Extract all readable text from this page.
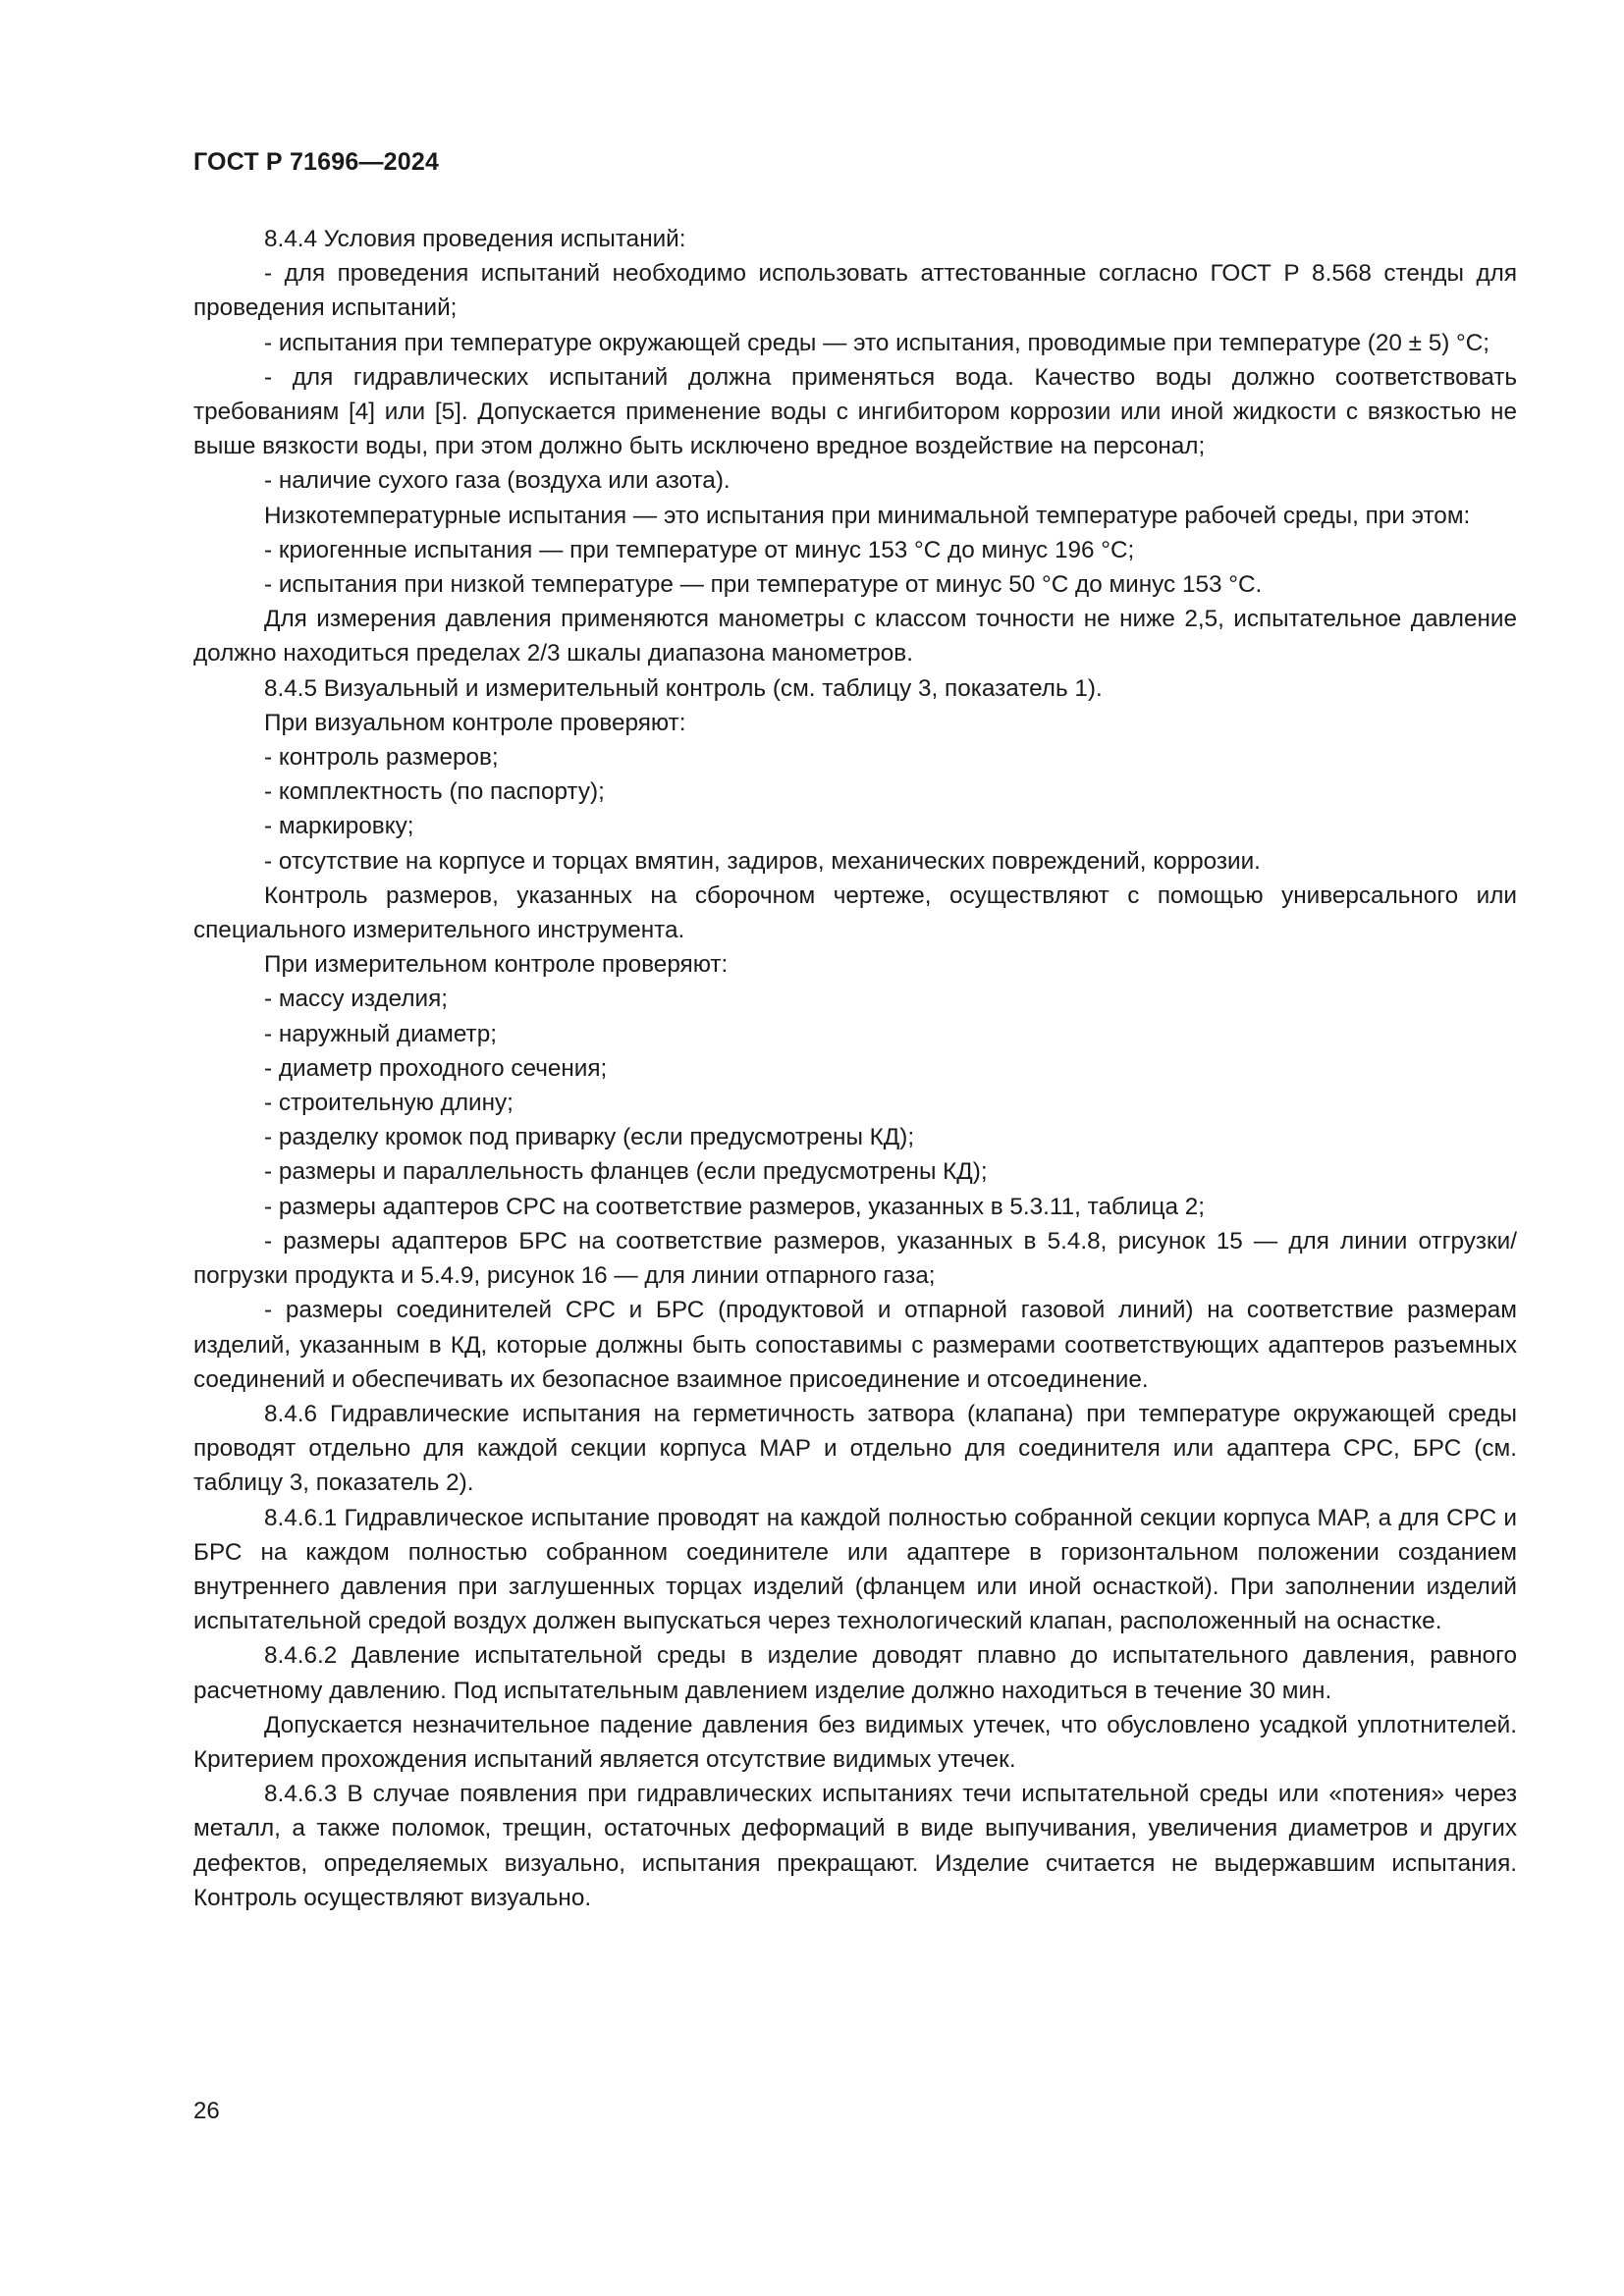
ГОСТ Р 71696—2024

8.4.4 Условия проведения испытаний:

- для проведения испытаний необходимо использовать аттестованные согласно ГОСТ Р 8.568 стенды для проведения испытаний;

- испытания при температуре окружающей среды — это испытания, проводимые при температуре (20 ± 5) °С;

- для гидравлических испытаний должна применяться вода. Качество воды должно соответствовать требованиям [4] или [5]. Допускается применение воды с ингибитором коррозии или иной жидкости с вязкостью не выше вязкости воды, при этом должно быть исключено вредное воздействие на персонал;

- наличие сухого газа (воздуха или азота).

Низкотемпературные испытания — это испытания при минимальной температуре рабочей среды, при этом:

- криогенные испытания — при температуре от минус 153 °С до минус 196 °С;

- испытания при низкой температуре — при температуре от минус 50 °С до минус 153 °С.

Для измерения давления применяются манометры с классом точности не ниже 2,5, испытательное давление должно находиться пределах 2/3 шкалы диапазона манометров.

8.4.5 Визуальный и измерительный контроль (см. таблицу 3, показатель 1).

При визуальном контроле проверяют:

- контроль размеров;

- комплектность (по паспорту);

- маркировку;

- отсутствие на корпусе и торцах вмятин, задиров, механических повреждений, коррозии.

Контроль размеров, указанных на сборочном чертеже, осуществляют с помощью универсального или специального измерительного инструмента.

При измерительном контроле проверяют:

- массу изделия;

- наружный диаметр;

- диаметр проходного сечения;

- строительную длину;

- разделку кромок под приварку (если предусмотрены КД);

- размеры и параллельность фланцев (если предусмотрены КД);

- размеры адаптеров СРС на соответствие размеров, указанных в 5.3.11, таблица 2;

- размеры адаптеров БРС на соответствие размеров, указанных в 5.4.8, рисунок 15 — для линии отгрузки/погрузки продукта и 5.4.9, рисунок 16 — для линии отпарного газа;

- размеры соединителей СРС и БРС (продуктовой и отпарной газовой линий) на соответствие размерам изделий, указанным в КД, которые должны быть сопоставимы с размерами соответствующих адаптеров разъемных соединений и обеспечивать их безопасное взаимное присоединение и отсоединение.

8.4.6 Гидравлические испытания на герметичность затвора (клапана) при температуре окружающей среды проводят отдельно для каждой секции корпуса МАР и отдельно для соединителя или адаптера СРС, БРС (см. таблицу 3, показатель 2).

8.4.6.1 Гидравлическое испытание проводят на каждой полностью собранной секции корпуса МАР, а для СРС и БРС на каждом полностью собранном соединителе или адаптере в горизонтальном положении созданием внутреннего давления при заглушенных торцах изделий (фланцем или иной оснасткой). При заполнении изделий испытательной средой воздух должен выпускаться через технологический клапан, расположенный на оснастке.

8.4.6.2 Давление испытательной среды в изделие доводят плавно до испытательного давления, равного расчетному давлению. Под испытательным давлением изделие должно находиться в течение 30 мин.

Допускается незначительное падение давления без видимых утечек, что обусловлено усадкой уплотнителей. Критерием прохождения испытаний является отсутствие видимых утечек.

8.4.6.3 В случае появления при гидравлических испытаниях течи испытательной среды или «потения» через металл, а также поломок, трещин, остаточных деформаций в виде выпучивания, увеличения диаметров и других дефектов, определяемых визуально, испытания прекращают. Изделие считается не выдержавшим испытания. Контроль осуществляют визуально.

26
